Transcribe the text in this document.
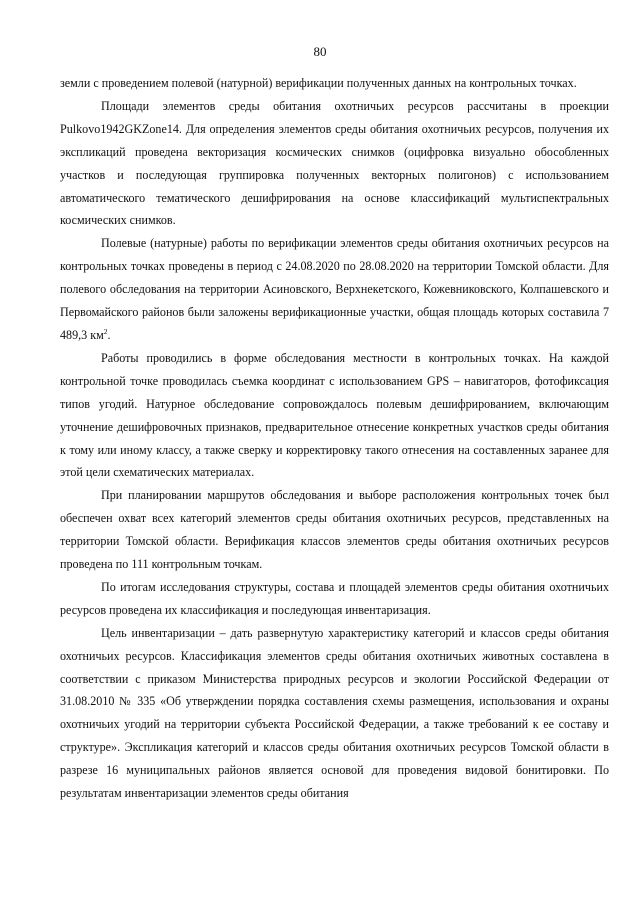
80

земли с проведением полевой (натурной) верификации полученных данных на контрольных точках.

Площади элементов среды обитания охотничьих ресурсов рассчитаны в проекции Pulkovo1942GKZone14. Для определения элементов среды обитания охотничьих ресурсов, получения их экспликаций проведена векторизация космических снимков (оцифровка визуально обособленных участков и последующая группировка полученных векторных полигонов) с использованием автоматического тематического дешифрирования на основе классификаций мультиспектральных космических снимков.

Полевые (натурные) работы по верификации элементов среды обитания охотничьих ресурсов на контрольных точках проведены в период с 24.08.2020 по 28.08.2020 на территории Томской области. Для полевого обследования на территории Асиновского, Верхнекетского, Кожевниковского, Колпашевского и Первомайского районов были заложены верификационные участки, общая площадь которых составила 7 489,3 $км^2$.

Работы проводились в форме обследования местности в контрольных точках. На каждой контрольной точке проводилась съемка координат с использованием GPS – навигаторов, фотофиксация типов угодий. Натурное обследование сопровождалось полевым дешифрированием, включающим уточнение дешифровочных признаков, предварительное отнесение конкретных участков среды обитания к тому или иному классу, а также сверку и корректировку такого отнесения на составленных заранее для этой цели схематических материалах.

При планировании маршрутов обследования и выборе расположения контрольных точек был обеспечен охват всех категорий элементов среды обитания охотничьих ресурсов, представленных на территории Томской области. Верификация классов элементов среды обитания охотничьих ресурсов проведена по 111 контрольным точкам.

По итогам исследования структуры, состава и площадей элементов среды обитания охотничьих ресурсов проведена их классификация и последующая инвентаризация.

Цель инвентаризации – дать развернутую характеристику категорий и классов среды обитания охотничьих ресурсов. Классификация элементов среды обитания охотничьих животных составлена в соответствии с приказом Министерства природных ресурсов и экологии Российской Федерации от 31.08.2010 № 335 «Об утверждении порядка составления схемы размещения, использования и охраны охотничьих угодий на территории субъекта Российской Федерации, а также требований к ее составу и структуре». Экспликация категорий и классов среды обитания охотничьих ресурсов Томской области в разрезе 16 муниципальных районов является основой для проведения видовой бонитировки. По результатам инвентаризации элементов среды обитания
